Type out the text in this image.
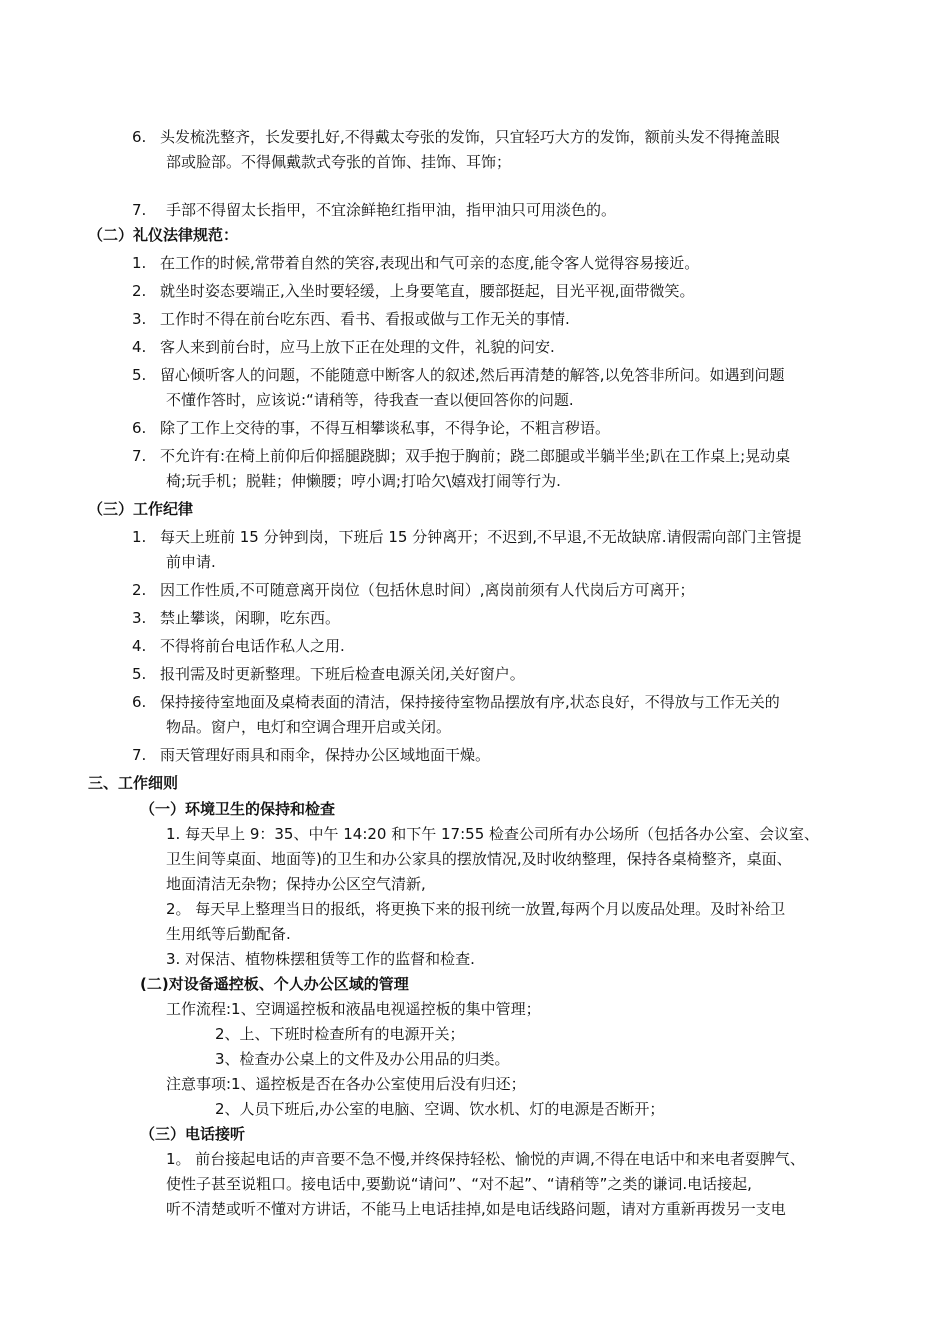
6. 头发梳洗整齐，长发要扎好,不得戴太夸张的发饰，只宜轻巧大方的发饰，额前头发不得掩盖眼

部或脸部。不得佩戴款式夸张的首饰、挂饰、耳饰；

7. 手部不得留太长指甲，不宜涂鲜艳红指甲油，指甲油只可用淡色的。

（二）礼仪法律规范：

1. 在工作的时候,常带着自然的笑容,表现出和气可亲的态度,能令客人觉得容易接近。

2. 就坐时姿态要端正,入坐时要轻缓，上身要笔直，腰部挺起，目光平视,面带微笑。

3. 工作时不得在前台吃东西、看书、看报或做与工作无关的事情.

4. 客人来到前台时，应马上放下正在处理的文件，礼貌的问安.

5. 留心倾听客人的问题，不能随意中断客人的叙述,然后再清楚的解答,以免答非所问。如遇到问题

不懂作答时，应该说:“请稍等，待我查一查以便回答你的问题.

6. 除了工作上交待的事，不得互相攀谈私事，不得争论，不粗言秽语。

7. 不允许有:在椅上前仰后仰摇腿跷脚；双手抱于胸前；跷二郎腿或半躺半坐;趴在工作桌上;晃动桌

椅;玩手机；脱鞋；伸懒腰；哼小调;打哈欠\嬉戏打闹等行为.

（三）工作纪律

1. 每天上班前 15 分钟到岗，下班后 15 分钟离开；不迟到,不早退,不无故缺席.请假需向部门主管提

前申请.

2. 因工作性质,不可随意离开岗位（包括休息时间）,离岗前须有人代岗后方可离开；

3. 禁止攀谈，闲聊，吃东西。

4. 不得将前台电话作私人之用.

5. 报刊需及时更新整理。下班后检查电源关闭,关好窗户。

6. 保持接待室地面及桌椅表面的清洁，保持接待室物品摆放有序,状态良好，不得放与工作无关的

物品。窗户，电灯和空调合理开启或关闭。

7. 雨天管理好雨具和雨伞，保持办公区域地面干燥。

三、工作细则

（一）环境卫生的保持和检查

1. 每天早上 9：35、中午 14:20 和下午 17:55 检查公司所有办公场所（包括各办公室、会议室、

卫生间等桌面、地面等)的卫生和办公家具的摆放情况,及时收纳整理，保持各桌椅整齐，桌面、

地面清洁无杂物；保持办公区空气清新,

2。 每天早上整理当日的报纸，将更换下来的报刊统一放置,每两个月以废品处理。及时补给卫

生用纸等后勤配备.

3. 对保洁、植物株摆租赁等工作的监督和检查.

(二)对设备遥控板、个人办公区域的管理

工作流程:1、空调遥控板和液晶电视遥控板的集中管理；

2、上、下班时检查所有的电源开关；

3、检查办公桌上的文件及办公用品的归类。

注意事项:1、遥控板是否在各办公室使用后没有归还；

2、人员下班后,办公室的电脑、空调、饮水机、灯的电源是否断开；

（三）电话接听

1。 前台接起电话的声音要不急不慢,并终保持轻松、愉悦的声调,不得在电话中和来电者耍脾气、

使性子甚至说粗口。接电话中,要勤说“请问”、“对不起”、“请稍等”之类的谦词.电话接起,

听不清楚或听不懂对方讲话，不能马上电话挂掉,如是电话线路问题，请对方重新再拨另一支电
